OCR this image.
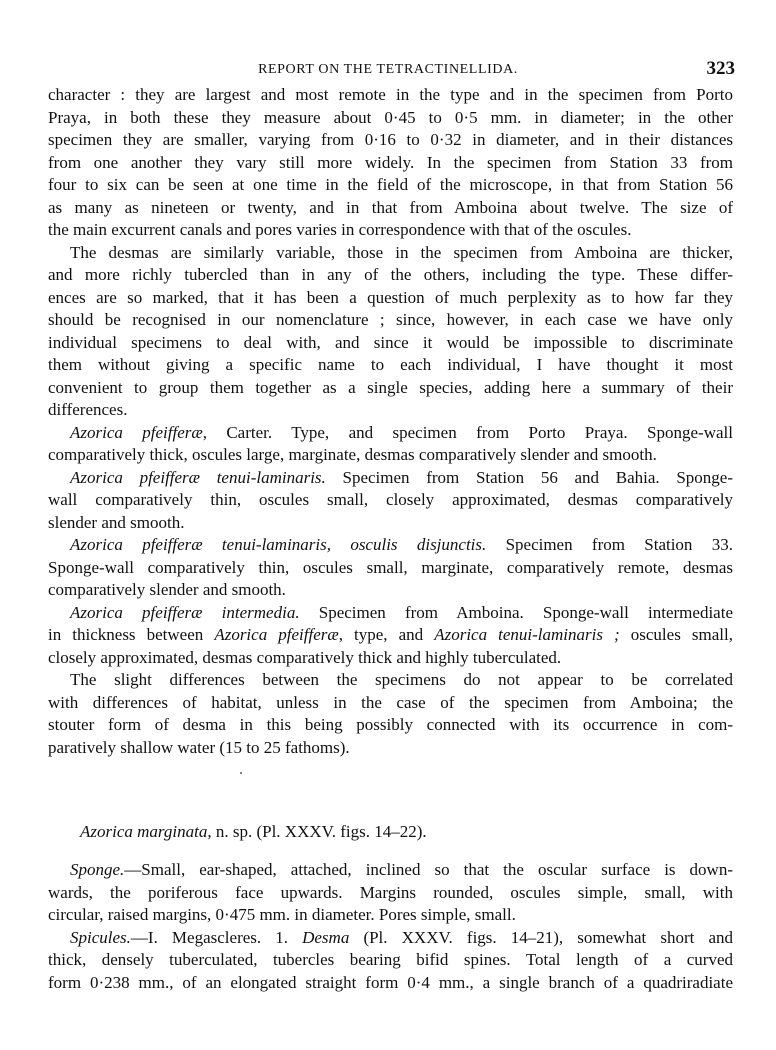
REPORT ON THE TETRACTINELLIDA.	323
character : they are largest and most remote in the type and in the specimen from Porto
Praya, in both these they measure about 0·45 to 0·5 mm. in diameter; in the other
specimen they are smaller, varying from 0·16 to 0·32 in diameter, and in their distances
from one another they vary still more widely. In the specimen from Station 33 from
four to six can be seen at one time in the field of the microscope, in that from Station 56
as many as nineteen or twenty, and in that from Amboina about twelve. The size of
the main excurrent canals and pores varies in correspondence with that of the oscules.
The desmas are similarly variable, those in the specimen from Amboina are thicker,
and more richly tubercled than in any of the others, including the type. These differ-
ences are so marked, that it has been a question of much perplexity as to how far they
should be recognised in our nomenclature ; since, however, in each case we have only
individual specimens to deal with, and since it would be impossible to discriminate
them without giving a specific name to each individual, I have thought it most
convenient to group them together as a single species, adding here a summary of their
differences.
Azorica pfeifferæ, Carter. Type, and specimen from Porto Praya. Sponge-wall
comparatively thick, oscules large, marginate, desmas comparatively slender and smooth.
Azorica pfeifferæ tenui-laminaris. Specimen from Station 56 and Bahia. Sponge-
wall comparatively thin, oscules small, closely approximated, desmas comparatively
slender and smooth.
Azorica pfeifferæ tenui-laminaris, osculis disjunctis. Specimen from Station 33.
Sponge-wall comparatively thin, oscules small, marginate, comparatively remote, desmas
comparatively slender and smooth.
Azorica pfeifferæ intermedia. Specimen from Amboina. Sponge-wall intermediate
in thickness between Azorica pfeifferæ, type, and Azorica tenui-laminaris ; oscules small,
closely approximated, desmas comparatively thick and highly tuberculated.
The slight differences between the specimens do not appear to be correlated
with differences of habitat, unless in the case of the specimen from Amboina; the
stouter form of desma in this being possibly connected with its occurrence in com-
paratively shallow water (15 to 25 fathoms).
Azorica marginata, n. sp. (Pl. XXXV. figs. 14–22).
Sponge.—Small, ear-shaped, attached, inclined so that the oscular surface is down-
wards, the poriferous face upwards. Margins rounded, oscules simple, small, with
circular, raised margins, 0·475 mm. in diameter. Pores simple, small.
Spicules.—I. Megascleres. 1. Desma (Pl. XXXV. figs. 14–21), somewhat short and
thick, densely tuberculated, tubercles bearing bifid spines. Total length of a curved
form 0·238 mm., of an elongated straight form 0·4 mm., a single branch of a quadriradiate
